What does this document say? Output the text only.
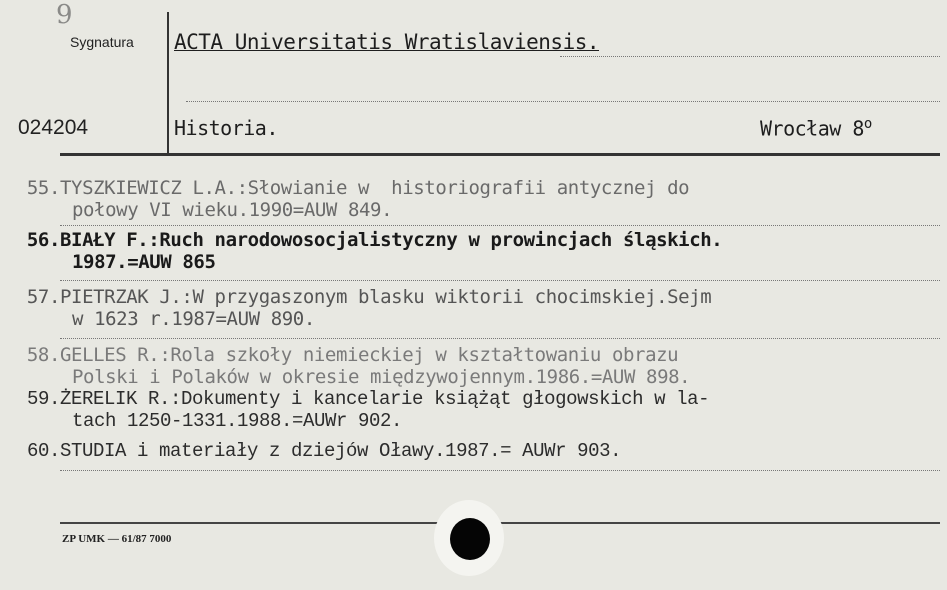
9
Sygnatura ACTA Universitatis Wratislaviensis.
024204	Historia.	Wrocław 8$^o$
55.TYSZKIEWICZ L.A.:Słowianie w  historiografii antycznej do
połowy VI wieku.1990=AUW 849.
56.BIAŁY F.:Ruch narodowosocjalistyczny w prowincjach śląskich.
1987.=AUW 865
57.PIETRZAK J.:W przygaszonym blasku wiktorii chocimskiej.Sejm
w 1623 r.1987=AUW 890.
58.GELLES R.:Rola szkoły niemieckiej w kształtowaniu obrazu
Polski i Polaków w okresie międzywojennym.1986.=AUW 898.
59.ŻERELIK R.:Dokumenty i kancelarie książąt głogowskich w la-
tach 1250-1331.1988.=AUWr 902.
60.STUDIA i materiały z dziejów Oławy.1987.= AUWr 903.
ZP UMK — 61/87 7000
